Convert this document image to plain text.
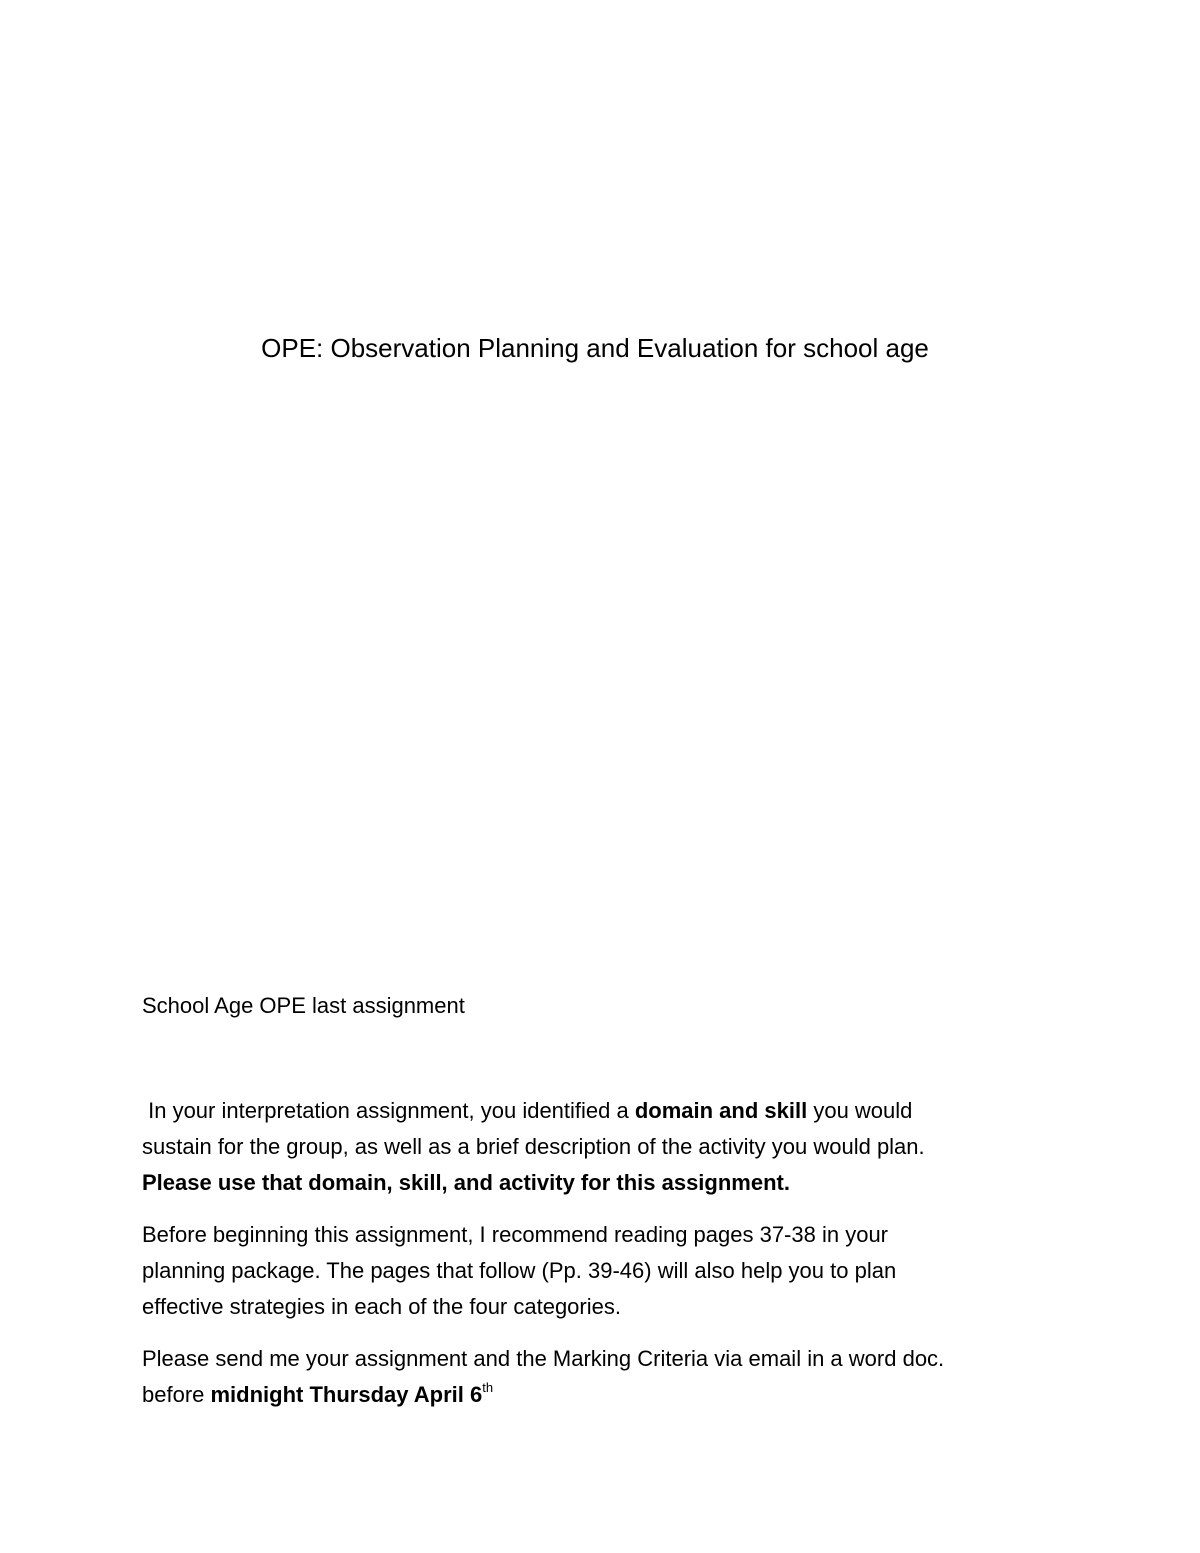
OPE: Observation Planning and Evaluation for school age
School Age OPE last assignment
In your interpretation assignment, you identified a domain and skill you would
sustain for the group, as well as a brief description of the activity you would plan.
Please use that domain, skill, and activity for this assignment.
Before beginning this assignment, I recommend reading pages 37-38 in your
planning package. The pages that follow (Pp. 39-46) will also help you to plan
effective strategies in each of the four categories.
Please send me your assignment and the Marking Criteria via email in a word doc.
before midnight Thursday April 6th
